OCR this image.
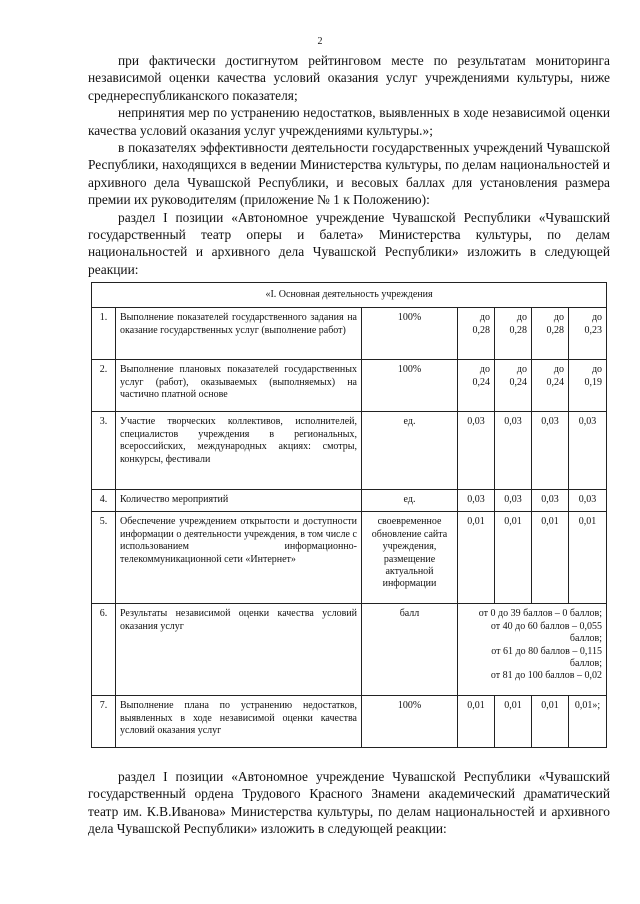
2

при фактически достигнутом рейтинговом месте по результатам мониторинга независимой оценки качества условий оказания услуг учреждениями культуры, ниже среднереспубликанского показателя;

непринятия мер по устранению недостатков, выявленных в ходе независимой оценки качества условий оказания услуг учреждениями культуры.»;

в показателях эффективности деятельности государственных учреждений Чувашской Республики, находящихся в ведении Министерства культуры, по делам национальностей и архивного дела Чувашской Республики, и весовых баллах для установления размера премии их руководителям (приложение № 1 к Положению):

раздел I позиции «Автономное учреждение Чувашской Республики «Чувашский государственный театр оперы и балета» Министерства культуры, по делам национальностей и архивного дела Чувашской Республики» изложить в следующей реакции:

«I. Основная деятельность учреждения						
1.	Выполнение показателей государственного задания на оказание государственных услуг (выполнение работ)	100%	до 0,28	до 0,28	до 0,28	до 0,23
2.	Выполнение плановых показателей государственных услуг (работ), оказываемых (выполняемых) на частично платной основе	100%	до 0,24	до 0,24	до 0,24	до 0,19
3.	Участие творческих коллективов, исполнителей, специалистов учреждения в региональных, всероссийских, международных акциях: смотры, конкурсы, фестивали	ед.	0,03	0,03	0,03	0,03
4.	Количество мероприятий	ед.	0,03	0,03	0,03	0,03
5.	Обеспечение учреждением открытости и доступности информации о деятельности учреждения, в том числе с использованием информационно-телекоммуникационной сети «Интернет»	своевременное обновление сайта учреждения, размещение актуальной информации	0,01	0,01	0,01	0,01
6.	Результаты независимой оценки качества условий оказания услуг	балл	от 0 до 39 баллов – 0 баллов;
от 40 до 60 баллов – 0,055 баллов;
от 61 до 80 баллов – 0,115 баллов;
от 81 до 100 баллов – 0,02			

7.	Выполнение плана по устранению недостатков, выявленных в ходе независимой оценки качества условий оказания услуг	100%	0,01	0,01	0,01	0,01»;

раздел I позиции «Автономное учреждение Чувашской Республики «Чувашский государственный ордена Трудового Красного Знамени академический драматический театр им. К.В.Иванова» Министерства культуры, по делам национальностей и архивного дела Чувашской Республики» изложить в следующей реакции:
